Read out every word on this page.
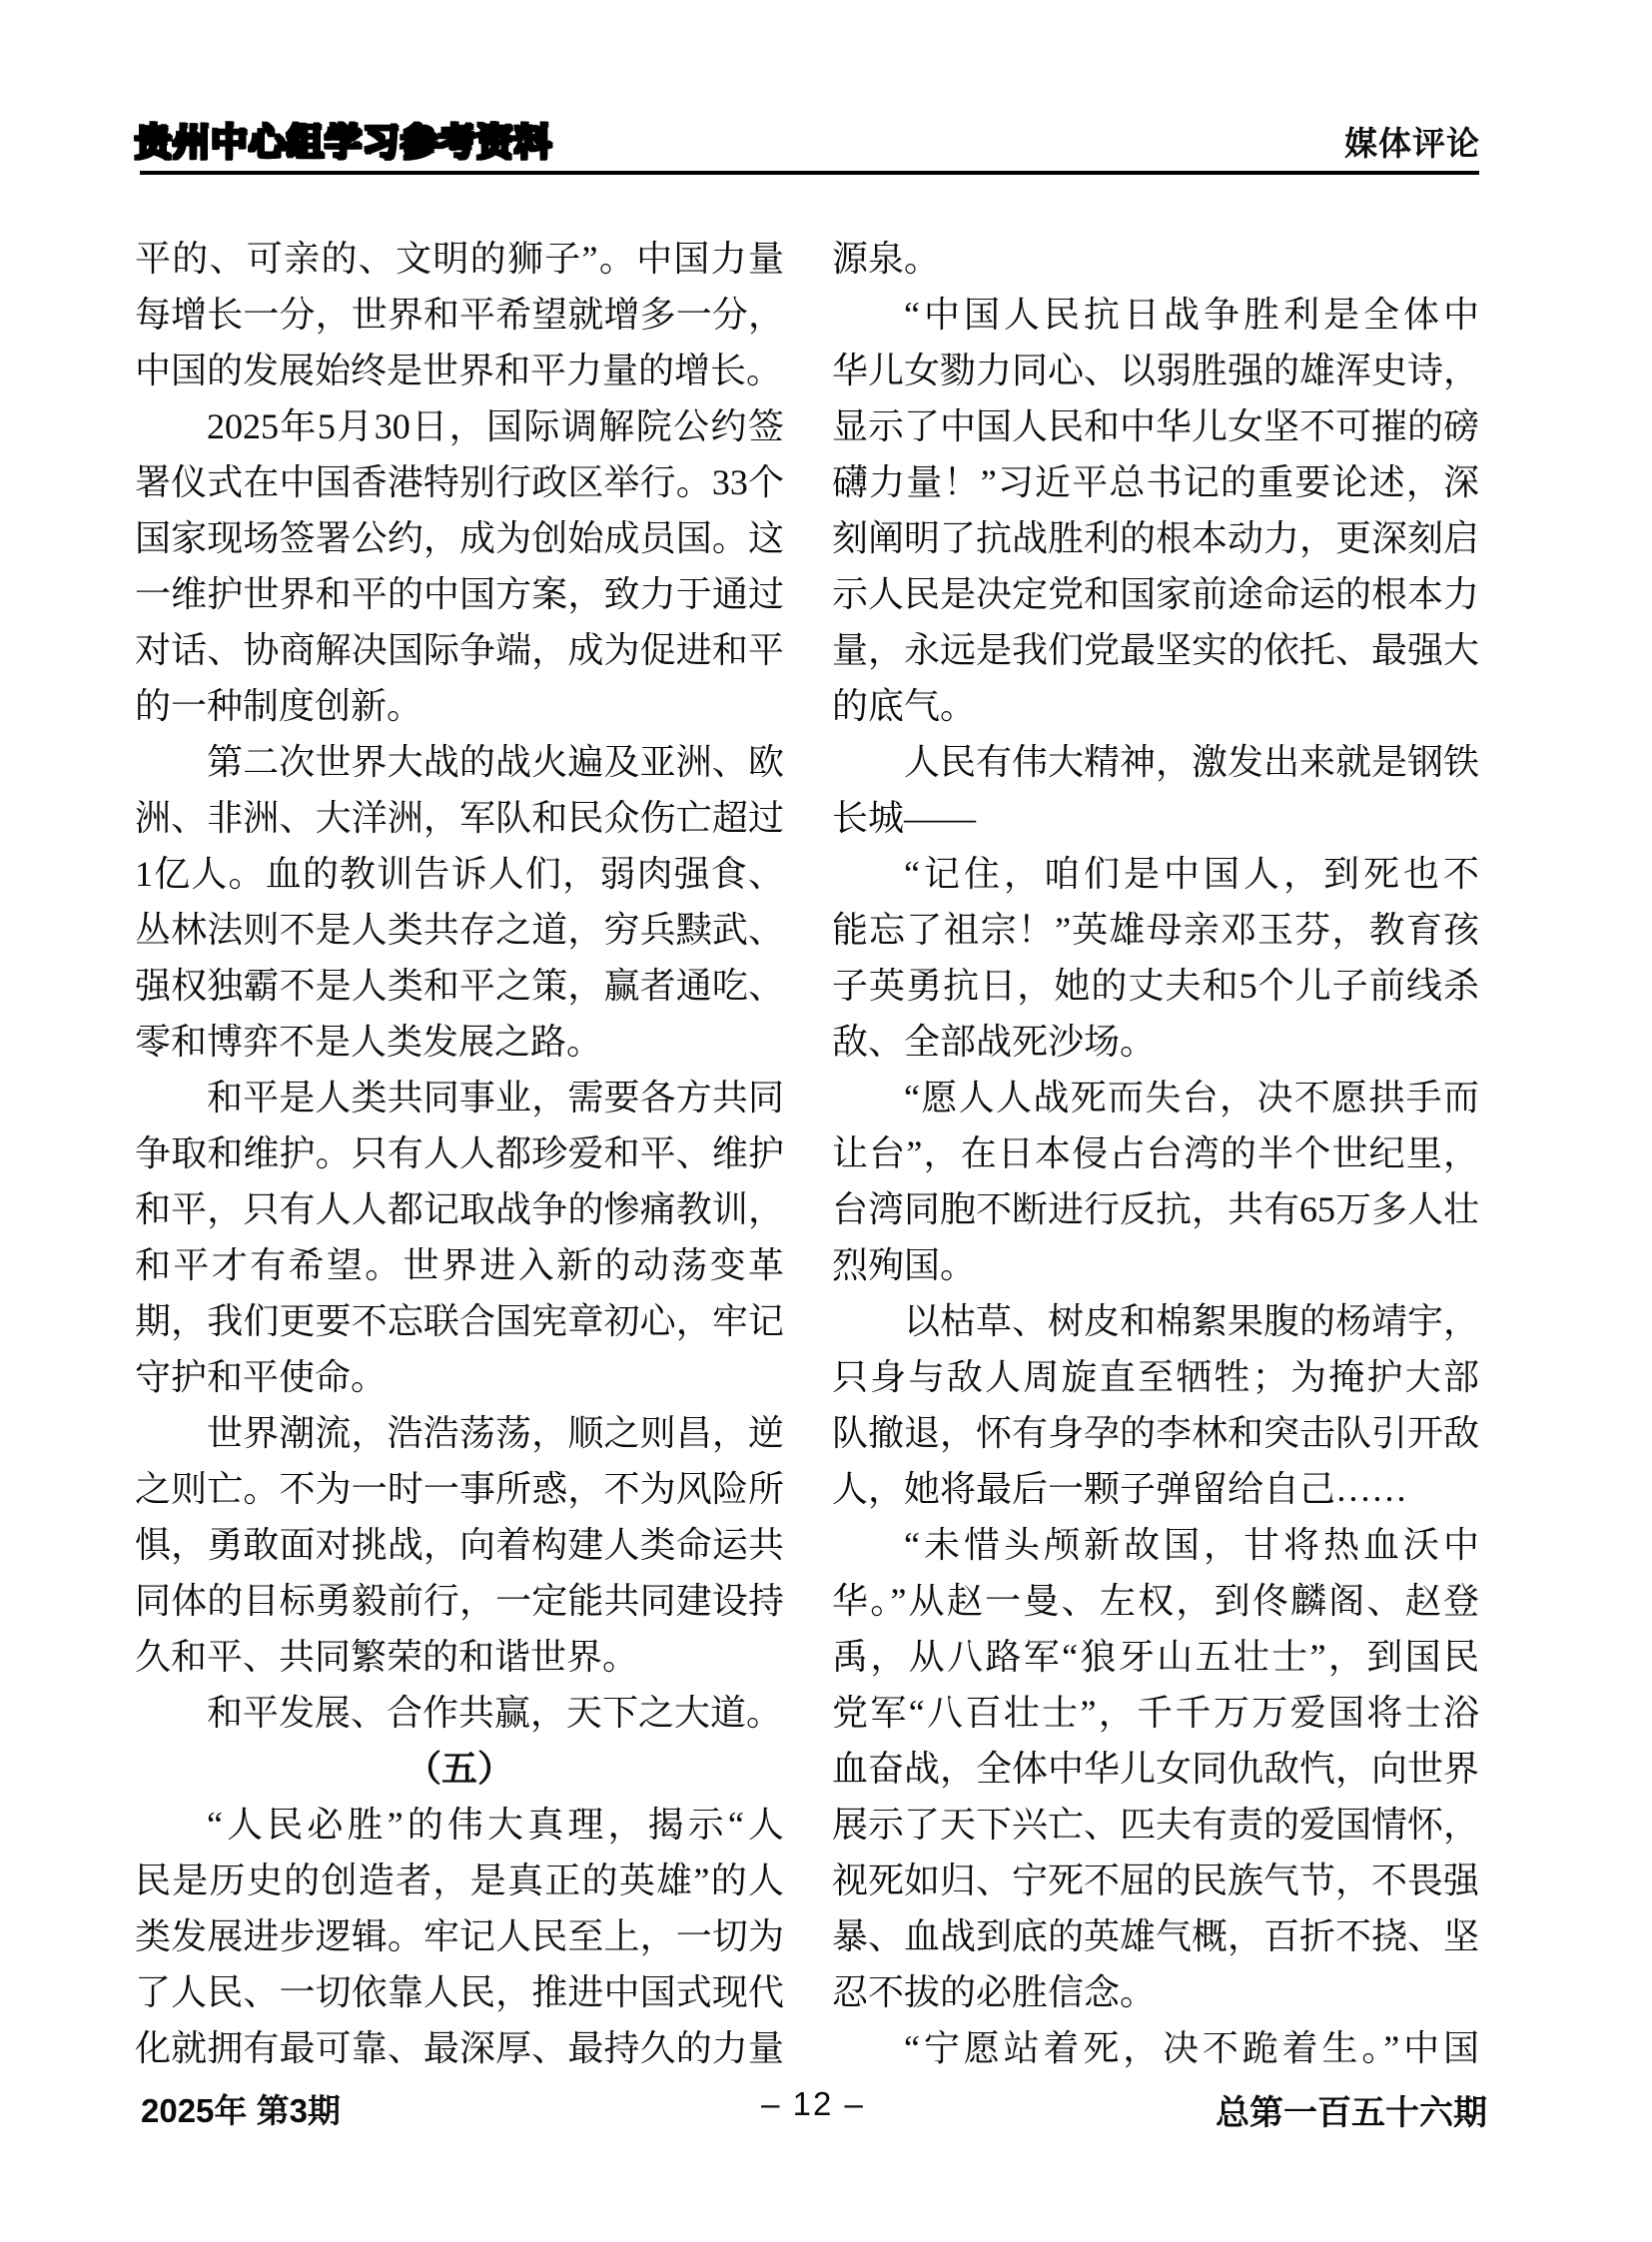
贵州中心组学习参考资料	媒体评论
平的、可亲的、文明的狮子”。中国力量
每增长一分，世界和平希望就增多一分，
中国的发展始终是世界和平力量的增长。
2025年5月30日，国际调解院公约签
署仪式在中国香港特别行政区举行。33个
国家现场签署公约，成为创始成员国。这
一维护世界和平的中国方案，致力于通过
对话、协商解决国际争端，成为促进和平
的一种制度创新。
第二次世界大战的战火遍及亚洲、欧
洲、非洲、大洋洲，军队和民众伤亡超过
1亿人。血的教训告诉人们，弱肉强食、
丛林法则不是人类共存之道，穷兵黩武、
强权独霸不是人类和平之策，赢者通吃、
零和博弈不是人类发展之路。
和平是人类共同事业，需要各方共同
争取和维护。只有人人都珍爱和平、维护
和平，只有人人都记取战争的惨痛教训，
和平才有希望。世界进入新的动荡变革
期，我们更要不忘联合国宪章初心，牢记
守护和平使命。
世界潮流，浩浩荡荡，顺之则昌，逆
之则亡。不为一时一事所惑，不为风险所
惧，勇敢面对挑战，向着构建人类命运共
同体的目标勇毅前行，一定能共同建设持
久和平、共同繁荣的和谐世界。
和平发展、合作共赢，天下之大道。
（五）
“人民必胜”的伟大真理，揭示“人
民是历史的创造者，是真正的英雄”的人
类发展进步逻辑。牢记人民至上，一切为
了人民、一切依靠人民，推进中国式现代
化就拥有最可靠、最深厚、最持久的力量
源泉。
“中国人民抗日战争胜利是全体中
华儿女勠力同心、以弱胜强的雄浑史诗，
显示了中国人民和中华儿女坚不可摧的磅
礴力量！”习近平总书记的重要论述，深
刻阐明了抗战胜利的根本动力，更深刻启
示人民是决定党和国家前途命运的根本力
量，永远是我们党最坚实的依托、最强大
的底气。
人民有伟大精神，激发出来就是钢铁
长城——
“记住，咱们是中国人，到死也不
能忘了祖宗！”英雄母亲邓玉芬，教育孩
子英勇抗日，她的丈夫和5个儿子前线杀
敌、全部战死沙场。
“愿人人战死而失台，决不愿拱手而
让台”，在日本侵占台湾的半个世纪里，
台湾同胞不断进行反抗，共有65万多人壮
烈殉国。
以枯草、树皮和棉絮果腹的杨靖宇，
只身与敌人周旋直至牺牲；为掩护大部
队撤退，怀有身孕的李林和突击队引开敌
人，她将最后一颗子弹留给自己……
“未惜头颅新故国，甘将热血沃中
华。”从赵一曼、左权，到佟麟阁、赵登
禹，从八路军“狼牙山五壮士”，到国民
党军“八百壮士”，千千万万爱国将士浴
血奋战，全体中华儿女同仇敌忾，向世界
展示了天下兴亡、匹夫有责的爱国情怀，
视死如归、宁死不屈的民族气节，不畏强
暴、血战到底的英雄气概，百折不挠、坚
忍不拔的必胜信念。
“宁愿站着死，决不跪着生。”中国
2025年 第3期	– 12 –	总第一百五十六期
